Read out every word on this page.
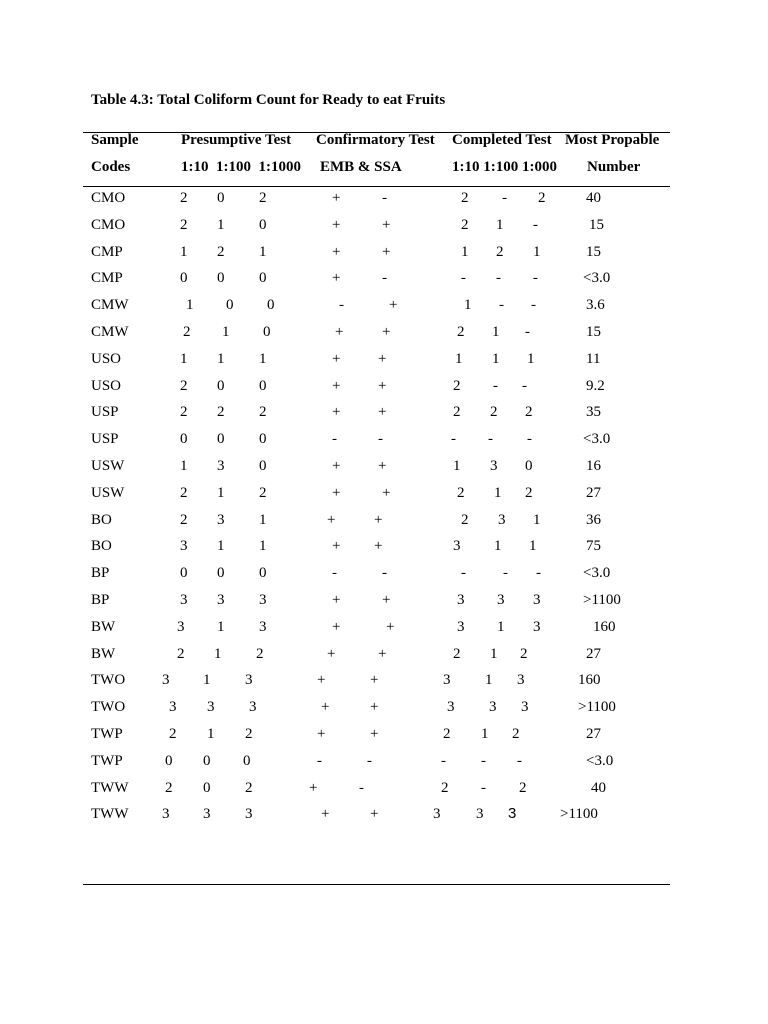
Table 4.3: Total Coliform Count for Ready to eat Fruits
Sample	Presumptive Test Confirmatory Test Completed Test Most Propable
Codes	1:10  1:100  1:1000 EMB & SSA	1:10 1:100 1:000 Number
CMO	2 0 2	+	-	2 - 2	40
CMO	2 1 0	+	+	2 1 -	15
CMP	1 2 1	+	+	1 2 1	15
CMP	0 0 0	+	-	- - -	<3.0
CMW	1 0 0	-	+	1 - -	3.6
CMW	2 1 0	+	+	2 1 -	15
USO	1 1 1	+	+	1 1 1	11
USO	2 0 0	+	+	2 - -	9.2
USP	2 2 2	+	+	2 2 2	35
USP	0 0 0	-	-	- - -	<3.0
USW	1 3 0	+	+	1 3 0	16
USW	2 1 2	+	+	2 1 2	27
BO	2 3 1	+	+	2 3 1	36
BO	3 1 1	+ +	3 1 1	75
BP	0 0 0	-	-	- - -	<3.0
BP	3 3 3	+	+	3 3 3	>1100
BW	3 1 3	+	+	3 1 3	160
BW	2 1 2	+	+	2 1 2	27
TWO 3 1 3	+	+	3 1 3	160
TWO	3 3 3	+	+	3 3 3	>1100
TWP	2 1 2	+	+	2 1 2	27
TWP	0 0 0	-	-	- - -	<3.0
TWW 2 0 2	+	-	2 - 2	40
TWW 3 3 3	+	+	3 3 3	>1100
